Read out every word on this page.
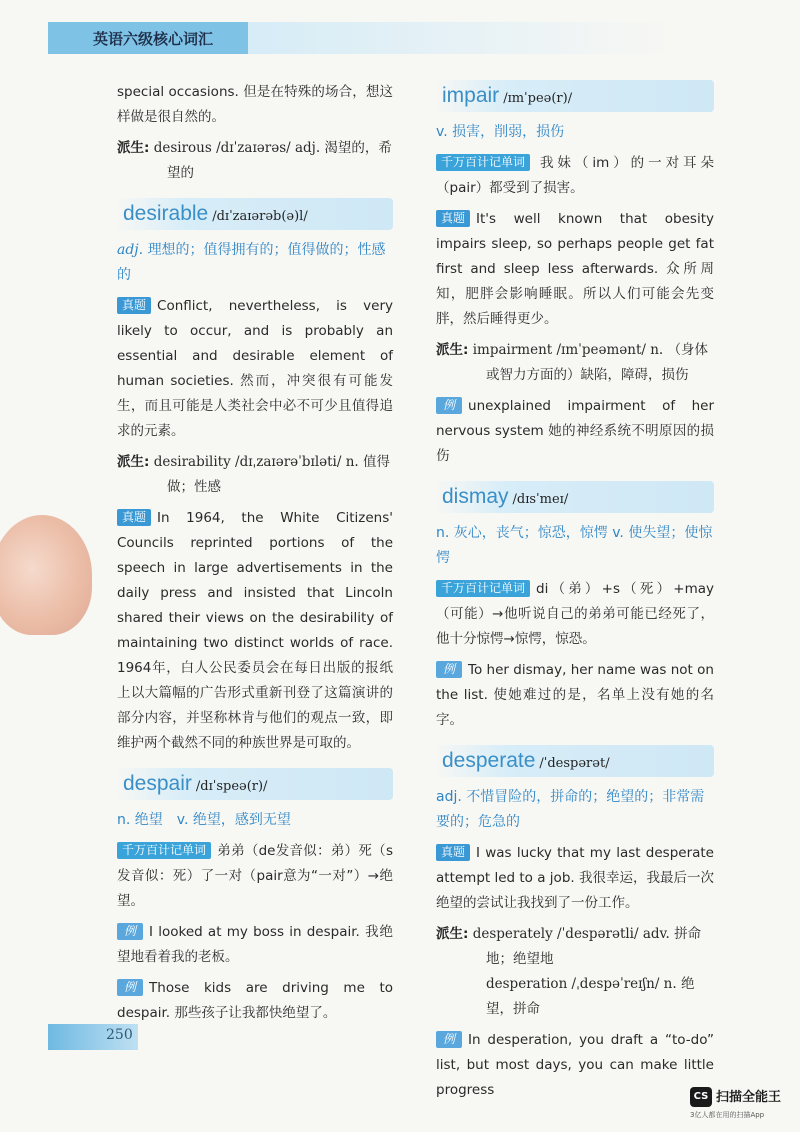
英语六级核心词汇

special occasions. 但是在特殊的场合，想这样做是很自然的。

派生: desirous /dɪˈzaɪərəs/ adj. 渴望的，希望的
desirable /dɪˈzaɪərəb(ə)l/

adj. 理想的；值得拥有的；值得做的；性感的

真题 Conflict, nevertheless, is very likely to occur, and is probably an essential and desirable element of human societies. 然而，冲突很有可能发生，而且可能是人类社会中必不可少且值得追求的元素。

派生: desirability /dɪˌzaɪərəˈbɪləti/ n. 值得做；性感

真题 In 1964, the White Citizens' Councils reprinted portions of the speech in large advertisements in the daily press and insisted that Lincoln shared their views on the desirability of maintaining two distinct worlds of race. 1964年，白人公民委员会在每日出版的报纸上以大篇幅的广告形式重新刊登了这篇演讲的部分内容，并坚称林肯与他们的观点一致，即维护两个截然不同的种族世界是可取的。

despair /dɪˈspeə(r)/

n. 绝望　v. 绝望，感到无望

千万百计记单词 弟弟（de发音似：弟）死（s发音似：死）了一对（pair意为“一对”）→绝望。

例 I looked at my boss in despair. 我绝望地看着我的老板。

例 Those kids are driving me to despair. 那些孩子让我都快绝望了。

impair /ɪmˈpeə(r)/

v. 损害，削弱，损伤

千万百计记单词 我妹（im）的一对耳朵（pair）都受到了损害。

真题 It's well known that obesity impairs sleep, so perhaps people get fat first and sleep less afterwards. 众所周知，肥胖会影响睡眠。所以人们可能会先变胖，然后睡得更少。

派生: impairment /ɪmˈpeəmənt/ n. （身体或智力方面的）缺陷，障碍，损伤

例 unexplained impairment of her nervous system 她的神经系统不明原因的损伤

dismay /dɪsˈmeɪ/

n. 灰心，丧气；惊恐，惊愕 v. 使失望；使惊愕

千万百计记单词 di（弟）+s（死）+may（可能）→他听说自己的弟弟可能已经死了，他十分惊愕→惊愕，惊恐。

例 To her dismay, her name was not on the list. 使她难过的是，名单上没有她的名字。

desperate /ˈdespərət/

adj. 不惜冒险的，拼命的；绝望的；非常需要的；危急的

真题 I was lucky that my last desperate attempt led to a job. 我很幸运，我最后一次绝望的尝试让我找到了一份工作。

派生: desperately /ˈdespərətli/ adv. 拼命地；绝望地
desperation /ˌdespəˈreɪʃn/ n. 绝望，拼命

例 In desperation, you draft a “to-do” list, but most days, you can make little progress

250
CS 扫描全能王
3亿人都在用的扫描App
